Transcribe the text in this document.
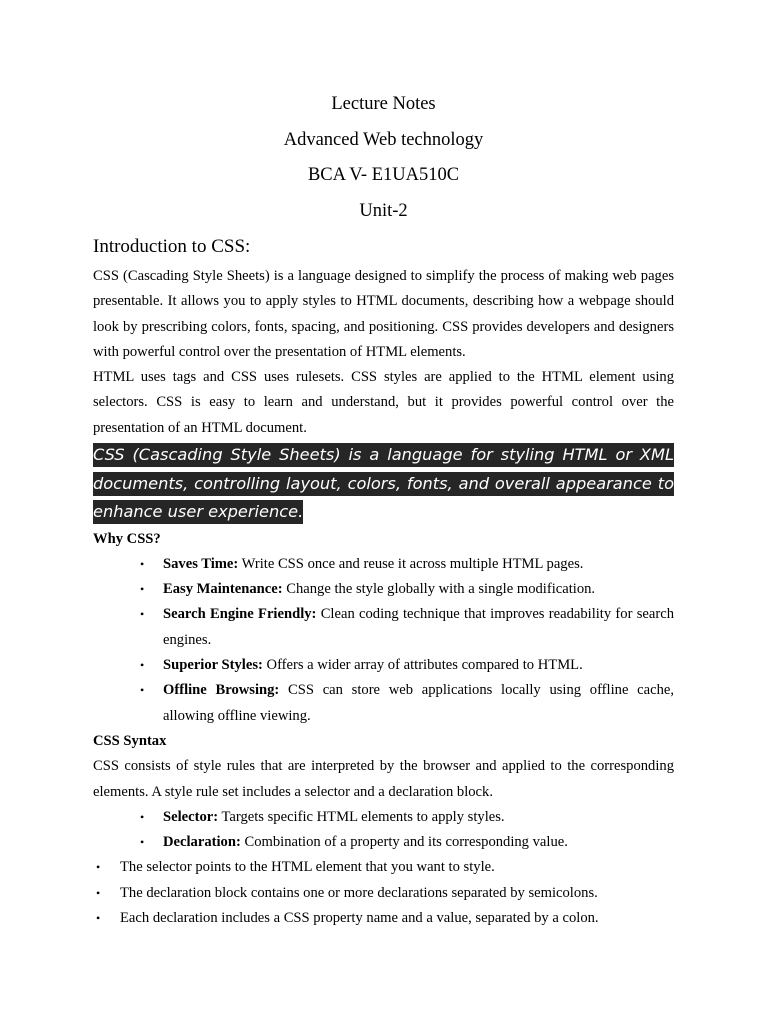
Lecture Notes

Advanced Web technology

BCA V- E1UA510C

Unit-2

Introduction to CSS:

CSS (Cascading Style Sheets) is a language designed to simplify the process of making web pages presentable. It allows you to apply styles to HTML documents, describing how a webpage should look by prescribing colors, fonts, spacing, and positioning. CSS provides developers and designers with powerful control over the presentation of HTML elements.

HTML uses tags and CSS uses rulesets. CSS styles are applied to the HTML element using selectors. CSS is easy to learn and understand, but it provides powerful control over the presentation of an HTML document.

CSS (Cascading Style Sheets) is a language for styling HTML or XML documents, controlling layout, colors, fonts, and overall appearance to enhance user experience.

Why CSS?

• Saves Time: Write CSS once and reuse it across multiple HTML pages.
• Easy Maintenance: Change the style globally with a single modification.
• Search Engine Friendly: Clean coding technique that improves readability for search engines.
• Superior Styles: Offers a wider array of attributes compared to HTML.
• Offline Browsing: CSS can store web applications locally using offline cache, allowing offline viewing.

CSS Syntax

CSS consists of style rules that are interpreted by the browser and applied to the corresponding elements. A style rule set includes a selector and a declaration block.

• Selector: Targets specific HTML elements to apply styles.
• Declaration: Combination of a property and its corresponding value.
• The selector points to the HTML element that you want to style.
• The declaration block contains one or more declarations separated by semicolons.
• Each declaration includes a CSS property name and a value, separated by a colon.
